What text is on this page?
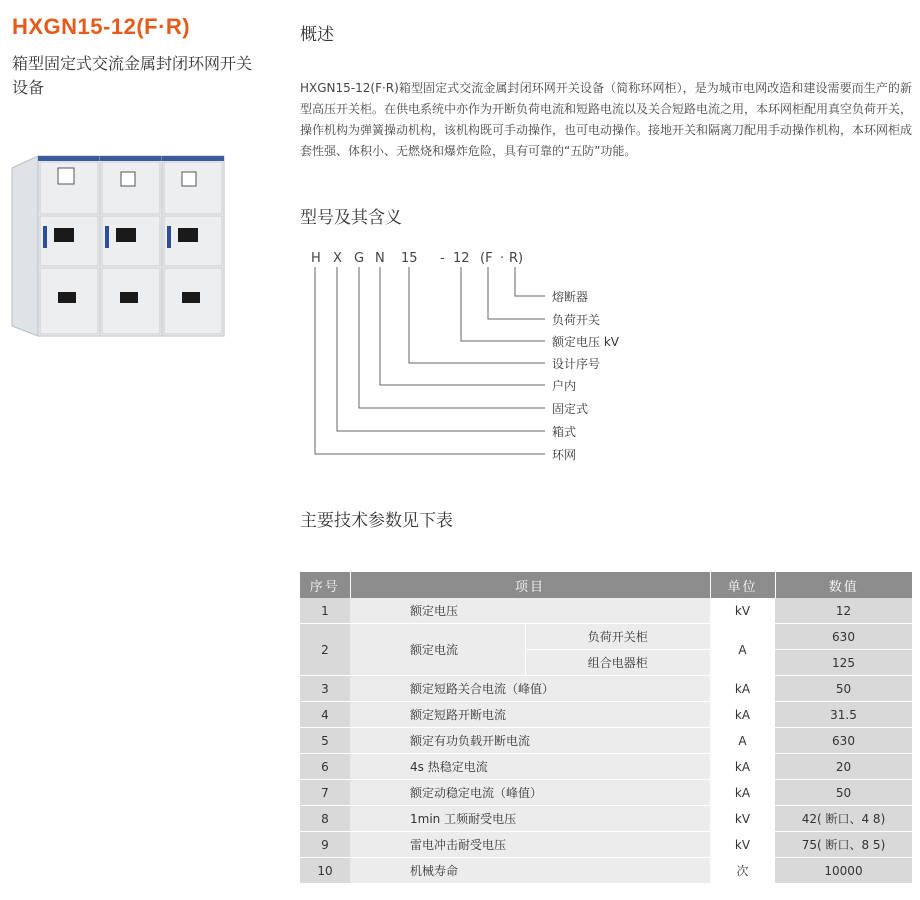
HXGN15-12(F·R)
箱型固定式交流金属封闭环网开关设备
概述
HXGN15-12(F·R)箱型固定式交流金属封闭环网开关设备（简称环网柜），是为城市电网改造和建设需要而生产的新型高压开关柜。在供电系统中亦作为开断负荷电流和短路电流以及关合短路电流之用，本环网柜配用真空负荷开关，操作机构为弹簧操动机构，该机构既可手动操作，也可电动操作。接地开关和隔离刀配用手动操作机构，本环网柜成套性强、体积小、无燃烧和爆炸危险，具有可靠的“五防”功能。
型号及其含义
H X G N 15 - 12 (F · R)
熔断器
负荷开关
额定电压 kV
设计序号
户内
固定式
箱式
环网
主要技术参数见下表
序号	项目		单位	数值
1	额定电压		kV	12
2	额定电流	负荷开关柜	A	630
		组合电器柜		125
3	额定短路关合电流（峰值）		kA	50
4	额定短路开断电流		kA	31.5
5	额定有功负载开断电流		A	630
6	4s 热稳定电流		kA	20
7	额定动稳定电流（峰值）		kA	50
8	1min 工频耐受电压		kV	42( 断口、4 8)
9	雷电冲击耐受电压		kV	75( 断口、8 5)
10	机械寿命		次	10000
